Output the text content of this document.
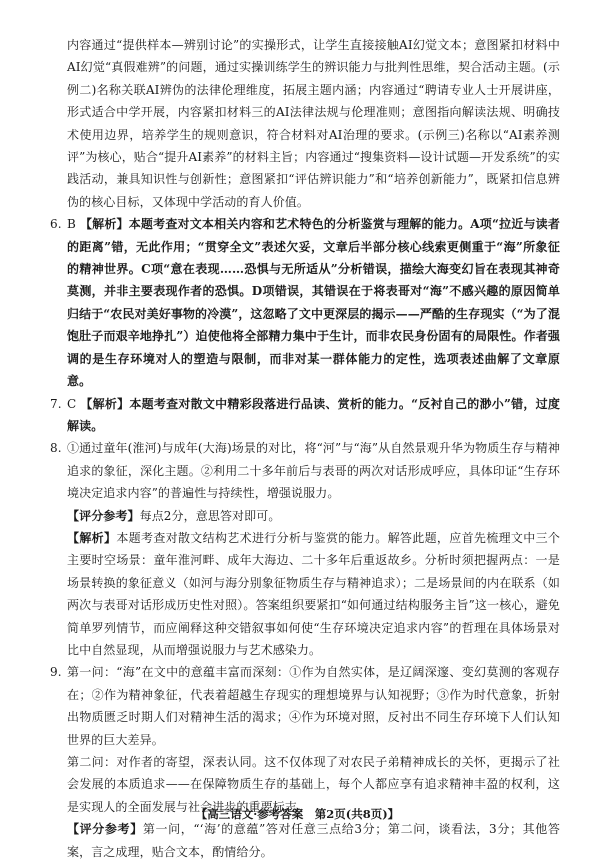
内容通过“提供样本—辨别讨论”的实操形式，让学生直接接触AI幻觉文本；意图紧扣材料中AI幻觉“真假难辨”的问题，通过实操训练学生的辨识能力与批判性思维，契合活动主题。(示例二)名称关联AI辨伪的法律伦理维度，拓展主题内涵；内容通过“聘请专业人士开展讲座，形式适合中学开展，内容紧扣材料三的AI法律法规与伦理准则；意图指向解读法规、明确技术使用边界，培养学生的规则意识，符合材料对AI治理的要求。(示例三)名称以“AI素养测评”为核心，贴合“提升AI素养”的材料主旨；内容通过“搜集资料—设计试题—开发系统”的实践活动，兼具知识性与创新性；意图紧扣“评估辨识能力”和“培养创新能力”，既紧扣信息辨伪的核心目标，又体现中学活动的育人价值。

6. B 【解析】本题考查对文本相关内容和艺术特色的分析鉴赏与理解的能力。A项“拉近与读者的距离”错，无此作用；“贯穿全文”表述欠妥，文章后半部分核心线索更侧重于“海”所象征的精神世界。C项“意在表现……恐惧与无所适从”分析错误，描绘大海变幻旨在表现其神奇莫测，并非主要表现作者的恐惧。D项错误，其错误在于将表哥对“海”不感兴趣的原因简单归结于“农民对美好事物的冷漠”，这忽略了文中更深层的揭示——严酷的生存现实（“为了混饱肚子而艰辛地挣扎”）迫使他将全部精力集中于生计，而非农民身份固有的局限性。作者强调的是生存环境对人的塑造与限制，而非对某一群体能力的定性，选项表述曲解了文章原意。
7. C 【解析】本题考查对散文中精彩段落进行品读、赏析的能力。“反衬自己的渺小”错，过度解读。
8. ①通过童年(淮河)与成年(大海)场景的对比，将“河”与“海”从自然景观升华为物质生存与精神追求的象征，深化主题。②利用二十多年前后与表哥的两次对话形成呼应，具体印证“生存环境决定追求内容”的普遍性与持续性，增强说服力。

【评分参考】每点2分，意思答对即可。

【解析】本题考查对散文结构艺术进行分析与鉴赏的能力。解答此题，应首先梳理文中三个主要时空场景：童年淮河畔、成年大海边、二十多年后重返故乡。分析时须把握两点：一是场景转换的象征意义（如河与海分别象征物质生存与精神追求）；二是场景间的内在联系（如两次与表哥对话形成历史性对照）。答案组织要紧扣“如何通过结构服务主旨”这一核心，避免简单罗列情节，而应阐释这种交错叙事如何使“生存环境决定追求内容”的哲理在具体场景对比中自然显现，从而增强说服力与艺术感染力。

9. 第一问：“海”在文中的意蕴丰富而深刻：①作为自然实体，是辽阔深邃、变幻莫测的客观存在；②作为精神象征，代表着超越生存现实的理想境界与认知视野；③作为时代意象，折射出物质匮乏时期人们对精神生活的渴求；④作为环境对照，反衬出不同生存环境下人们认知世界的巨大差异。

第二问：对作者的寄望，深表认同。这不仅体现了对农民子弟精神成长的关怀，更揭示了社会发展的本质追求——在保障物质生存的基础上，每个人都应享有追求精神丰盈的权利，这是实现人的全面发展与社会进步的重要标志。

【评分参考】第一问，“‘海’的意蕴”答对任意三点给3分；第二问，谈看法，3分；其他答案，言之成理，贴合文本，酌情给分。

【高三语文·参考答案　第2页(共8页)】
